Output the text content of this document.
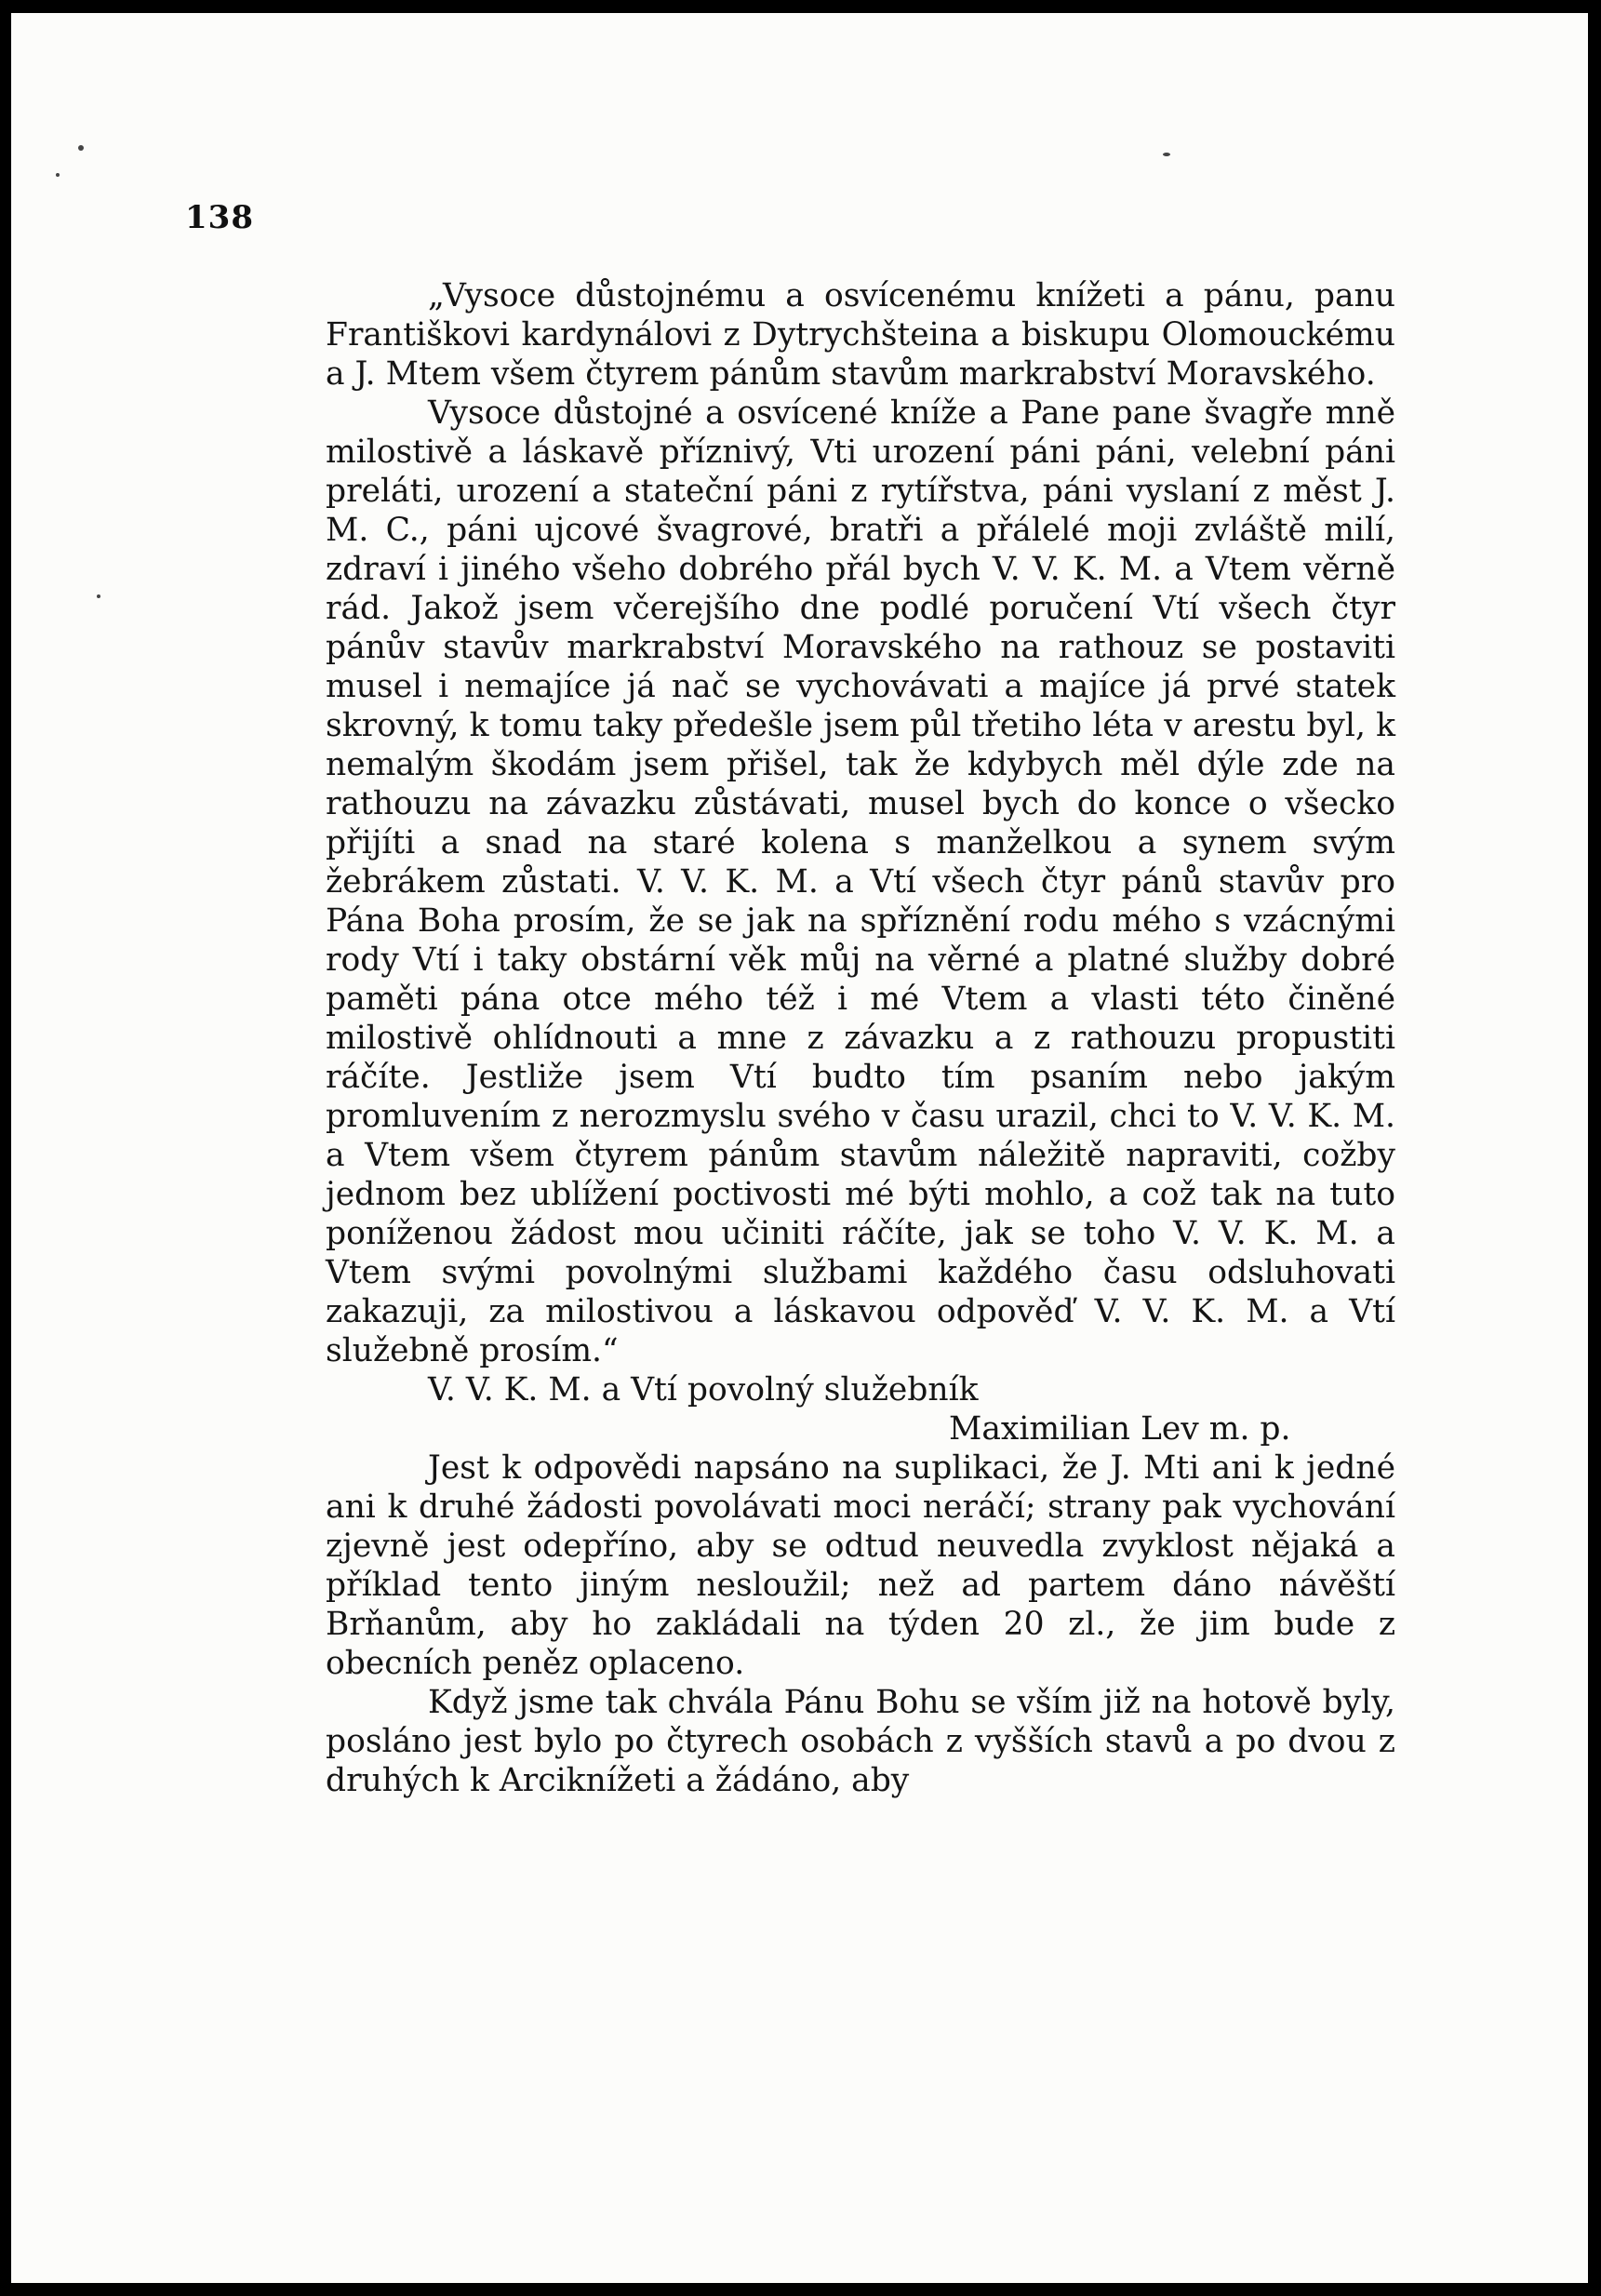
138

„Vysoce důstojnému a osvícenému knížeti a pánu, panu Františkovi kardynálovi z Dytrychšteina a biskupu Olomouckému a J. Mtem všem čtyrem pánům stavům markrabství Moravského.

Vysoce důstojné a osvícené kníže a Pane pane švagře mně milostivě a láskavě příznivý, Vti urození páni páni, velební páni preláti, urození a stateční páni z rytířstva, páni vyslaní z měst J. M. C., páni ujcové švagrové, bratři a přálelé moji zvláště milí, zdraví i jiného všeho dobrého přál bych V. V. K. M. a Vtem věrně rád. Jakož jsem včerejšího dne podlé poručení Vtí všech čtyr pánův stavův markrabství Moravského na rathouz se postaviti musel i nemajíce já nač se vychovávati a majíce já prvé statek skrovný, k tomu taky předešle jsem půl třetiho léta v arestu byl, k nemalým škodám jsem přišel, tak že kdybych měl dýle zde na rathouzu na závazku zůstávati, musel bych do konce o všecko přijíti a snad na staré kolena s manželkou a synem svým žebrákem zůstati. V. V. K. M. a Vtí všech čtyr pánů stavův pro Pána Boha prosím, že se jak na spříznění rodu mého s vzácnými rody Vtí i taky obstární věk můj na věrné a platné služby dobré paměti pána otce mého též i mé Vtem a vlasti této činěné milostivě ohlídnouti a mne z závazku a z rathouzu propustiti ráčíte. Jestliže jsem Vtí budto tím psaním nebo jakým promluvením z nerozmyslu svého v času urazil, chci to V. V. K. M. a Vtem všem čtyrem pánům stavům náležitě napraviti, cožby jednom bez ublížení poctivosti mé býti mohlo, a což tak na tuto poníženou žádost mou učiniti ráčíte, jak se toho V. V. K. M. a Vtem svými povolnými službami každého času odsluhovati zakazuji, za milostivou a láskavou odpověď V. V. K. M. a Vtí služebně prosím.“

V. V. K. M. a Vtí povolný služebník
Maximilian Lev m. p.

Jest k odpovědi napsáno na suplikaci, že J. Mti ani k jedné ani k druhé žádosti povolávati moci neráčí; strany pak vychování zjevně jest odepříno, aby se odtud neuvedla zvyklost nějaká a příklad tento jiným nesloužil; než ad partem dáno návěští Brňanům, aby ho zakládali na týden 20 zl., že jim bude z obecních peněz oplaceno.

Když jsme tak chvála Pánu Bohu se vším již na hotově byly, posláno jest bylo po čtyrech osobách z vyšších stavů a po dvou z druhých k Arciknížeti a žádáno, aby
